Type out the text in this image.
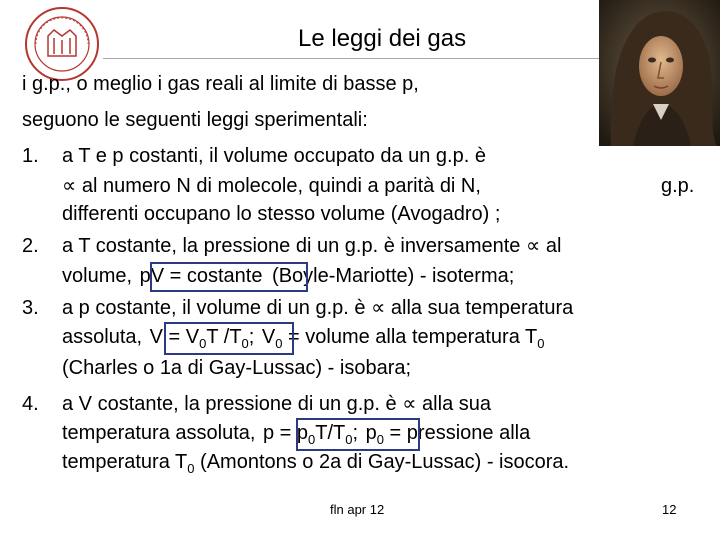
Le leggi dei gas
i g.p., o meglio i gas reali al limite di basse p,
seguono le seguenti leggi sperimentali:
1. a T e p costanti, il volume occupato da un g.p. è
∝ al numero N di molecole, quindi a parità di N,	g.p.
differenti occupano lo stesso volume (Avogadro) ;
2. a T costante, la pressione di un g.p. è inversamente ∝ al
volume, pV = costante (Boyle-Mariotte) - isoterma;
3. a p costante, il volume di un g.p. è ∝ alla sua temperatura
assoluta, $V = V_0T$ $/T_0$; $V_0$ = volume alla temperatura $T_0$
(Charles o 1a di Gay-Lussac) - isobara;
4. a V costante, la pressione di un g.p. è ∝ alla sua
temperatura assoluta, $p = p_0T/T_0$; $p_0$ = pressione alla
temperatura $T_0$ (Amontons o 2a di Gay-Lussac) - isocora.
fln apr 12	12
